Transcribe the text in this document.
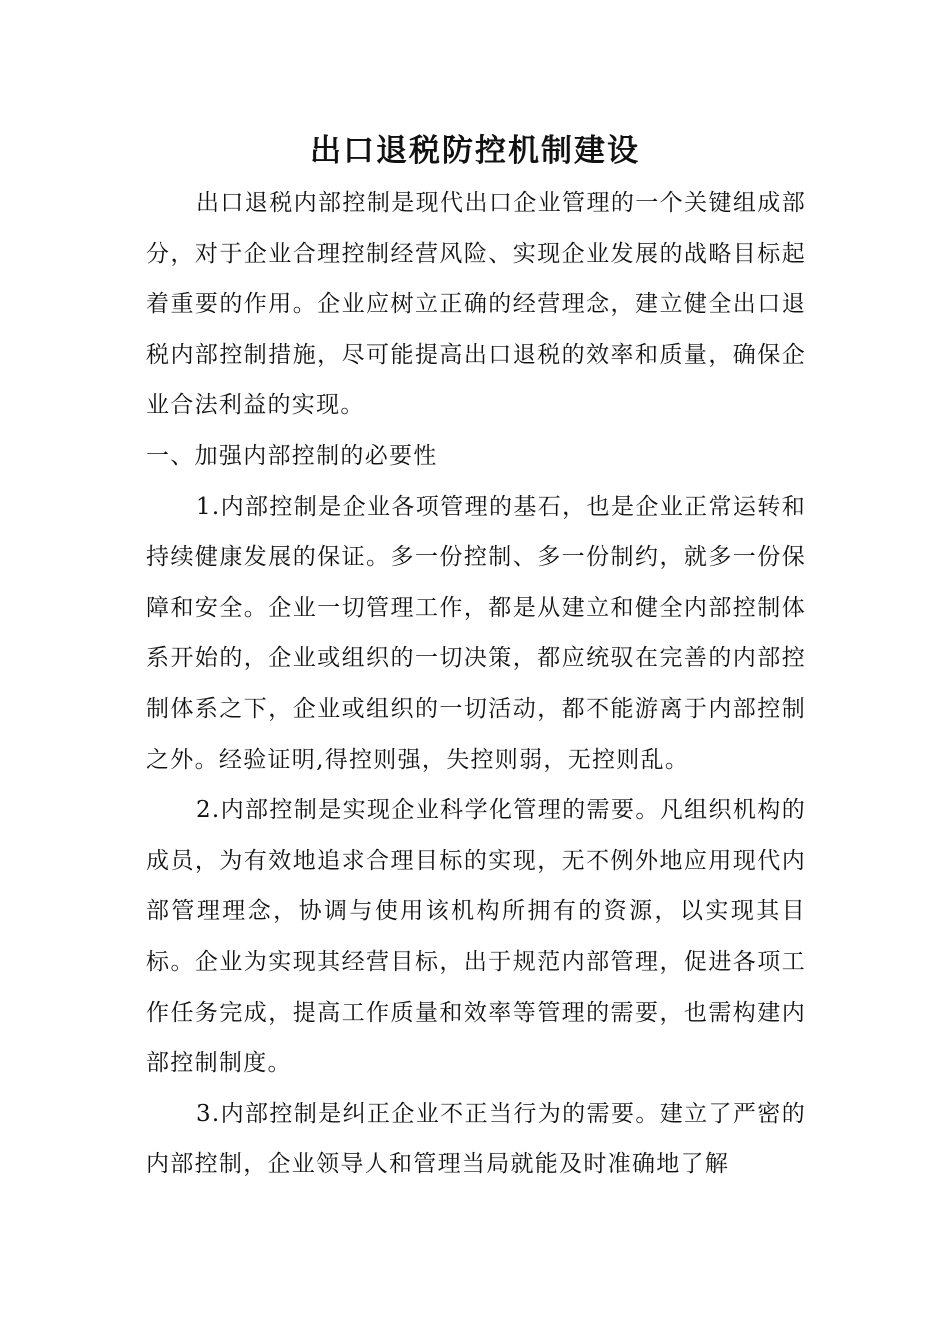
出口退税防控机制建设

出口退税内部控制是现代出口企业管理的一个关键组成部分，对于企业合理控制经营风险、实现企业发展的战略目标起着重要的作用。企业应树立正确的经营理念，建立健全出口退税内部控制措施，尽可能提高出口退税的效率和质量，确保企业合法利益的实现。

一、加强内部控制的必要性

1.内部控制是企业各项管理的基石，也是企业正常运转和持续健康发展的保证。多一份控制、多一份制约，就多一份保障和安全。企业一切管理工作，都是从建立和健全内部控制体系开始的，企业或组织的一切决策，都应统驭在完善的内部控制体系之下，企业或组织的一切活动，都不能游离于内部控制之外。经验证明,得控则强，失控则弱，无控则乱。

2.内部控制是实现企业科学化管理的需要。凡组织机构的成员，为有效地追求合理目标的实现，无不例外地应用现代内部管理理念，协调与使用该机构所拥有的资源，以实现其目标。企业为实现其经营目标，出于规范内部管理，促进各项工作任务完成，提高工作质量和效率等管理的需要，也需构建内部控制制度。

3.内部控制是纠正企业不正当行为的需要。建立了严密的内部控制，企业领导人和管理当局就能及时准确地了解
